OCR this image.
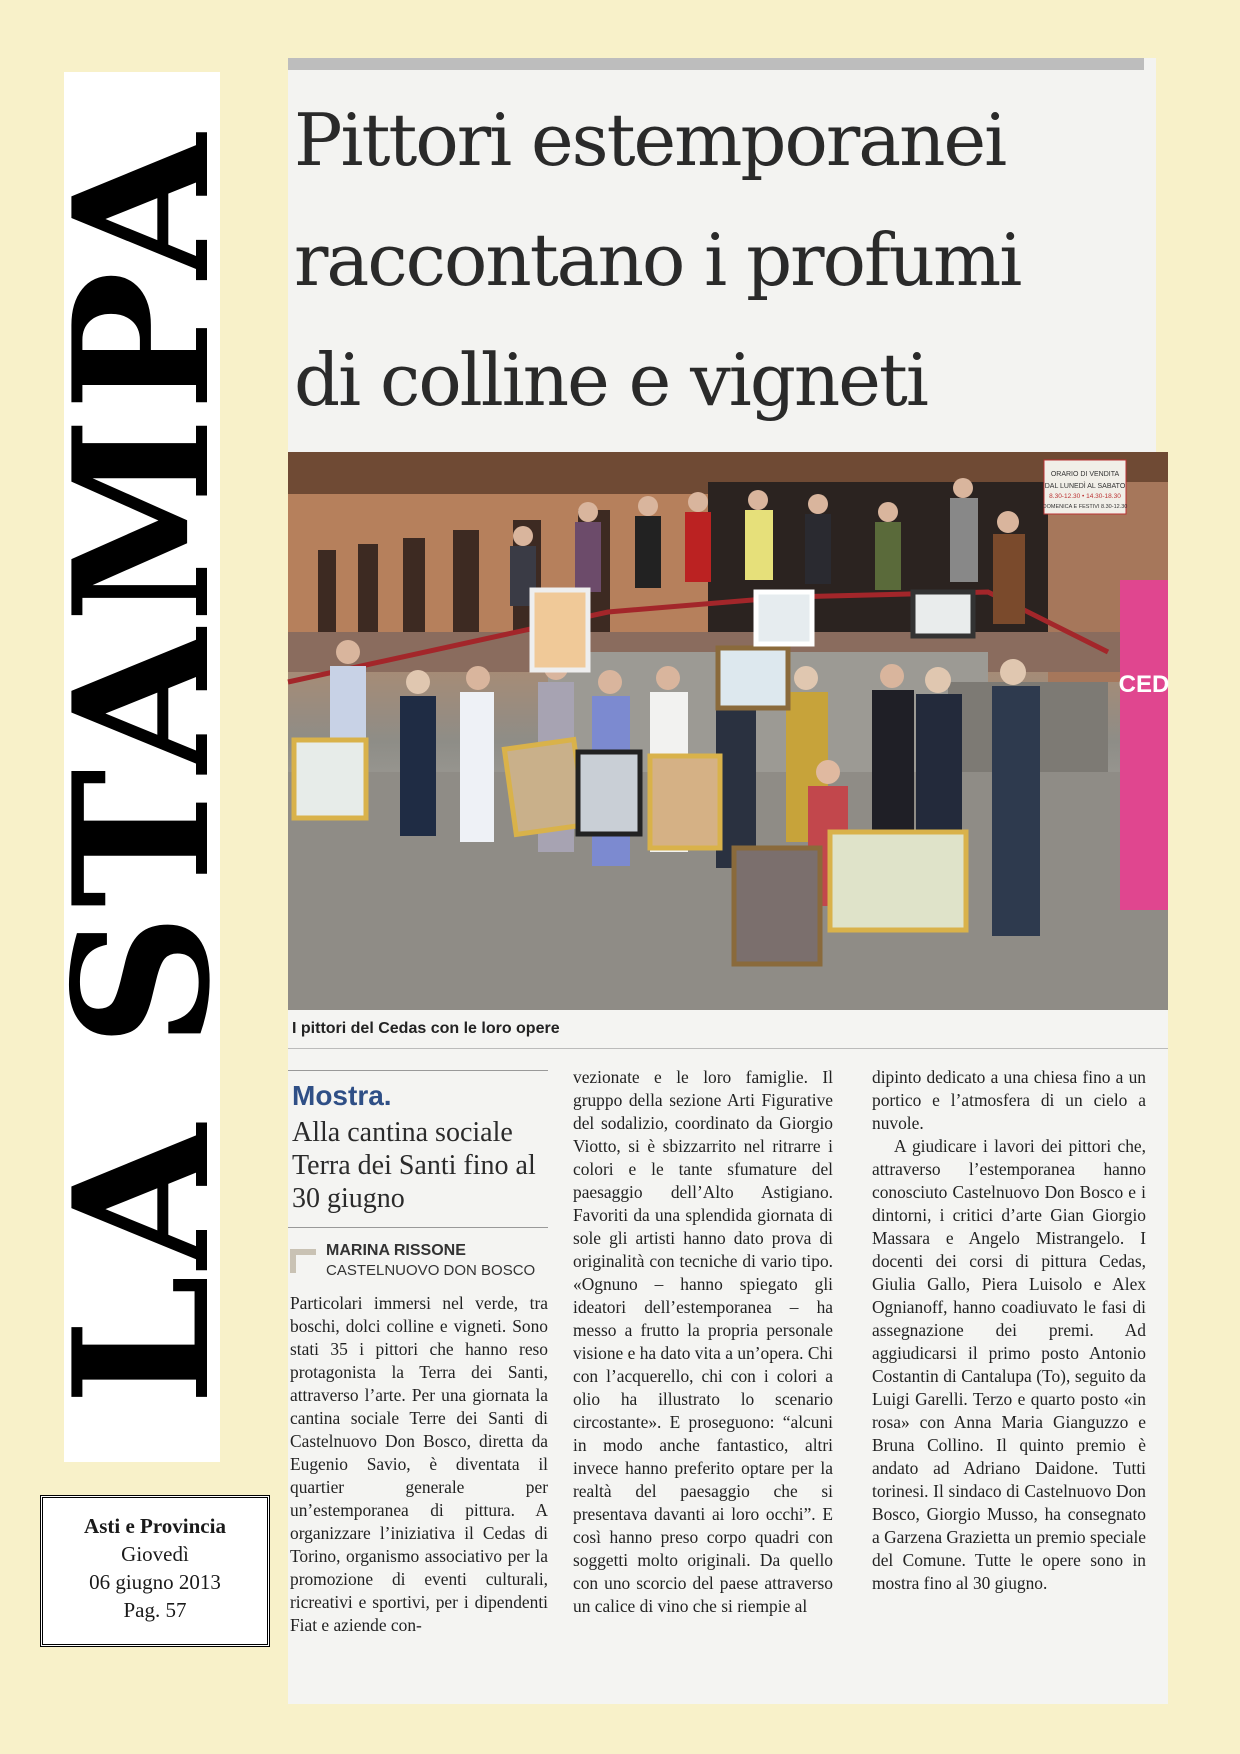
LA STAMPA
Asti e Provincia
Giovedì
06 giugno 2013
Pag. 57
Pittori estemporanei
raccontano i profumi
di colline e vigneti
ORARIO DI VENDITA
DAL LUNEDÌ AL SABATO
8.30-12.30 • 14.30-18.30
DOMENICA E FESTIVI 8.30-12.30
CED
I pittori del Cedas con le loro opere
Mostra.
Alla cantina sociale Terra dei Santi fino al 30 giugno
MARINA RISSONE
CASTELNUOVO DON BOSCO

Particolari immersi nel verde, tra boschi, dolci colline e vigneti. Sono stati 35 i pittori che hanno reso protagonista la Terra dei Santi, attraverso l’arte. Per una giornata la cantina sociale Terre dei Santi di Castelnuovo Don Bosco, diretta da Eugenio Savio, è diventata il quartier generale per un’estemporanea di pittura. A organizzare l’iniziativa il Cedas di Torino, organismo associativo per la promozione di eventi culturali, ricreativi e sportivi, per i dipendenti Fiat e aziende con-

vezionate e le loro famiglie. Il gruppo della sezione Arti Figurative del sodalizio, coordinato da Giorgio Viotto, si è sbizzarrito nel ritrarre i colori e le tante sfumature del paesaggio dell’Alto Astigiano. Favoriti da una splendida giornata di sole gli artisti hanno dato prova di originalità con tecniche di vario tipo. «Ognuno – hanno spiegato gli ideatori dell’estemporanea – ha messo a frutto la propria personale visione e ha dato vita a un’opera. Chi con l’acquerello, chi con i colori a olio ha illustrato lo scenario circostante». E proseguono: “alcuni in modo anche fantastico, altri invece hanno preferito optare per la realtà del paesaggio che si presentava davanti ai loro occhi”. E così hanno preso corpo quadri con soggetti molto originali. Da quello con uno scorcio del paese attraverso un calice di vino che si riempie al

dipinto dedicato a una chiesa fino a un portico e l’atmosfera di un cielo a nuvole.

A giudicare i lavori dei pittori che, attraverso l’estemporanea hanno conosciuto Castelnuovo Don Bosco e i dintorni, i critici d’arte Gian Giorgio Massara e Angelo Mistrangelo. I docenti dei corsi di pittura Cedas, Giulia Gallo, Piera Luisolo e Alex Ognianoff, hanno coadiuvato le fasi di assegnazione dei premi. Ad aggiudicarsi il primo posto Antonio Costantin di Cantalupa (To), seguito da Luigi Garelli. Terzo e quarto posto «in rosa» con Anna Maria Gianguzzo e Bruna Collino. Il quinto premio è andato ad Adriano Daidone. Tutti torinesi. Il sindaco di Castelnuovo Don Bosco, Giorgio Musso, ha consegnato a Garzena Grazietta un premio speciale del Comune. Tutte le opere sono in mostra fino al 30 giugno.
